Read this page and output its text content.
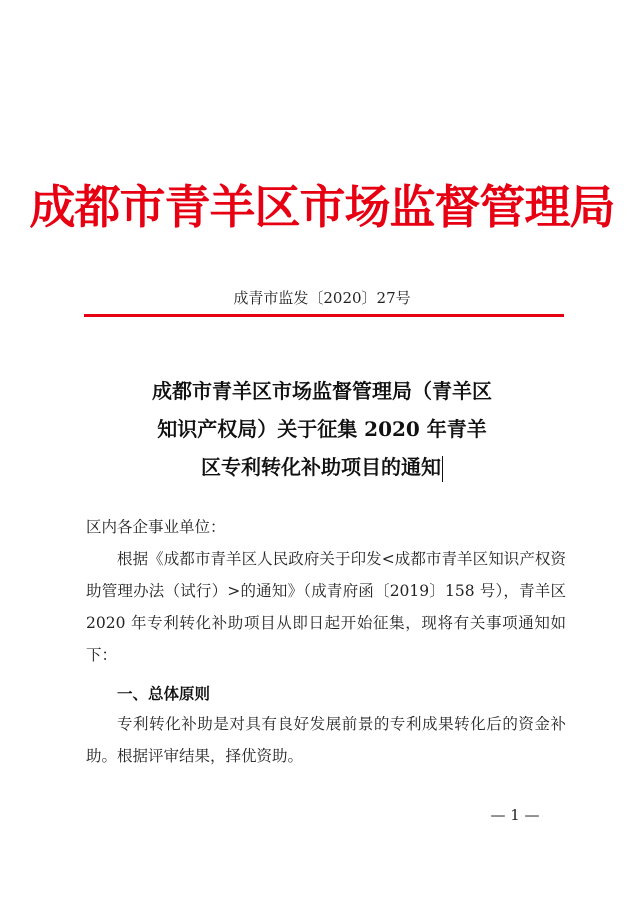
成都市青羊区市场监督管理局
成青市监发〔2020〕27号
成都市青羊区市场监督管理局（青羊区
知识产权局）关于征集 2020 年青羊
区专利转化补助项目的通知
区内各企事业单位：
根据《成都市青羊区人民政府关于印发<成都市青羊区知识产权资助管理办法（试行）>的通知》（成青府函〔2019〕158 号），青羊区 2020 年专利转化补助项目从即日起开始征集，现将有关事项通知如下：
一、总体原则
专利转化补助是对具有良好发展前景的专利成果转化后的资金补助。根据评审结果，择优资助。
— 1 —
